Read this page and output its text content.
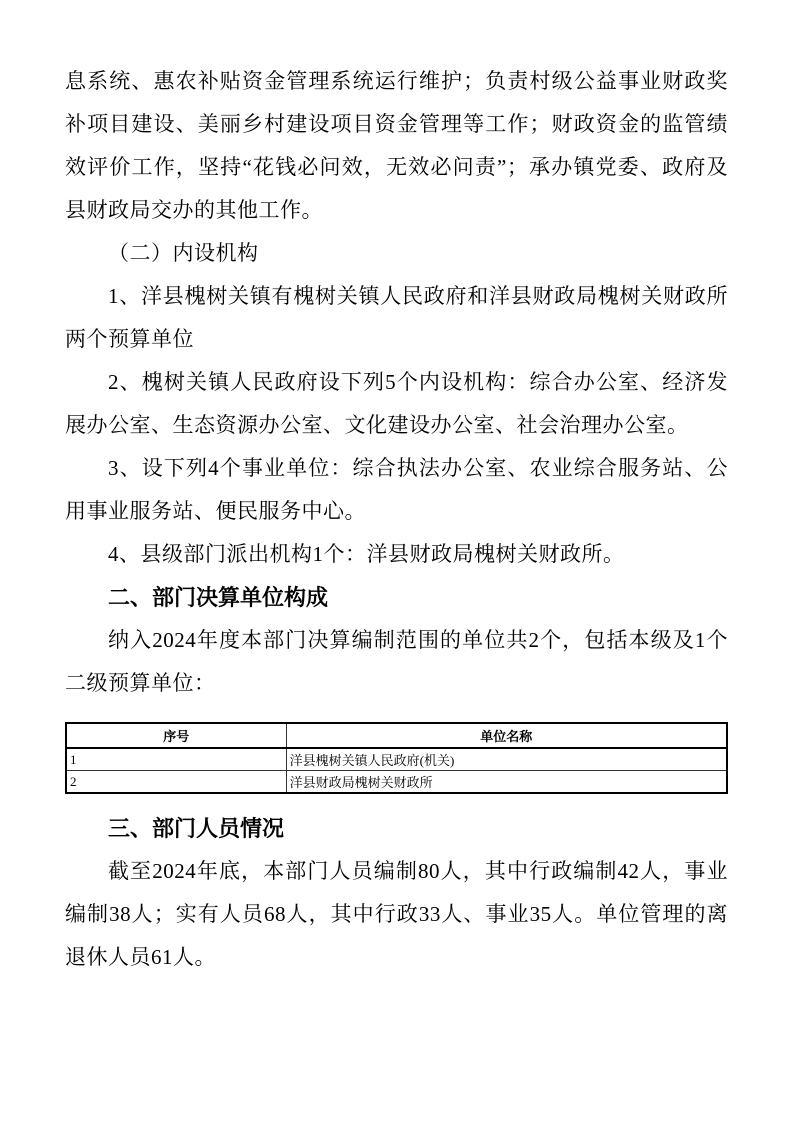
息系统、惠农补贴资金管理系统运行维护；负责村级公益事业财政奖补项目建设、美丽乡村建设项目资金管理等工作；财政资金的监管绩效评价工作，坚持“花钱必问效，无效必问责”；承办镇党委、政府及县财政局交办的其他工作。

（二）内设机构

1、洋县槐树关镇有槐树关镇人民政府和洋县财政局槐树关财政所两个预算单位

2、槐树关镇人民政府设下列5个内设机构：综合办公室、经济发展办公室、生态资源办公室、文化建设办公室、社会治理办公室。

3、设下列4个事业单位：综合执法办公室、农业综合服务站、公用事业服务站、便民服务中心。

4、县级部门派出机构1个：洋县财政局槐树关财政所。

二、部门决算单位构成

纳入2024年度本部门决算编制范围的单位共2个，包括本级及1个二级预算单位：

序号	单位名称
1	洋县槐树关镇人民政府(机关)
2	洋县财政局槐树关财政所
三、部门人员情况

截至2024年底，本部门人员编制80人，其中行政编制42人，事业编制38人；实有人员68人，其中行政33人、事业35人。单位管理的离退休人员61人。
